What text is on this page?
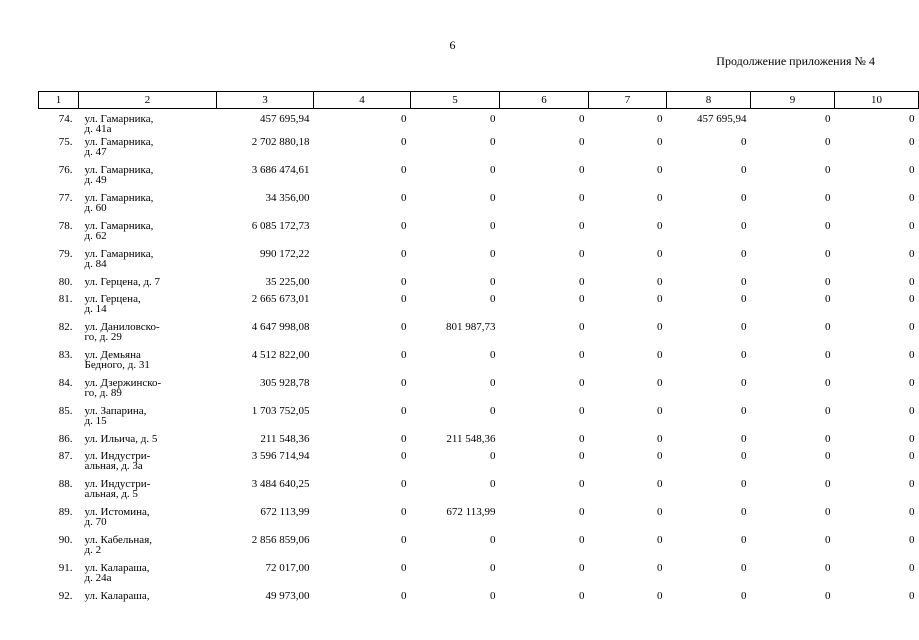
6
Продолжение приложения № 4
1	2	3	4	5	6	7	8	9	10
74.	ул. Гамарника,
д. 41а	457 695,94	0	0	0	0	457 695,94	0	0
75.	ул. Гамарника,
д. 47	2 702 880,18	0	0	0	0	0	0	0
76.	ул. Гамарника,
д. 49	3 686 474,61	0	0	0	0	0	0	0
77.	ул. Гамарника,
д. 60	34 356,00	0	0	0	0	0	0	0
78.	ул. Гамарника,
д. 62	6 085 172,73	0	0	0	0	0	0	0
79.	ул. Гамарника,
д. 84	990 172,22	0	0	0	0	0	0	0
80.	ул. Герцена, д. 7	35 225,00	0	0	0	0	0	0	0
81.	ул. Герцена,
д. 14	2 665 673,01	0	0	0	0	0	0	0
82.	ул. Даниловско-
го, д. 29	4 647 998,08	0	801 987,73	0	0	0	0	0
83.	ул. Демьяна
Бедного, д. 31	4 512 822,00	0	0	0	0	0	0	0
84.	ул. Дзержинско-
го, д. 89	305 928,78	0	0	0	0	0	0	0
85.	ул. Запарина,
д. 15	1 703 752,05	0	0	0	0	0	0	0
86.	ул. Ильича, д. 5	211 548,36	0	211 548,36	0	0	0	0	0
87.	ул. Индустри-
альная, д. 3а	3 596 714,94	0	0	0	0	0	0	0
88.	ул. Индустри-
альная, д. 5	3 484 640,25	0	0	0	0	0	0	0
89.	ул. Истомина,
д. 70	672 113,99	0	672 113,99	0	0	0	0	0
90.	ул. Кабельная,
д. 2	2 856 859,06	0	0	0	0	0	0	0
91.	ул. Калараша,
д. 24а	72 017,00	0	0	0	0	0	0	0
92.	ул. Калараша,	49 973,00	0	0	0	0	0	0	0
